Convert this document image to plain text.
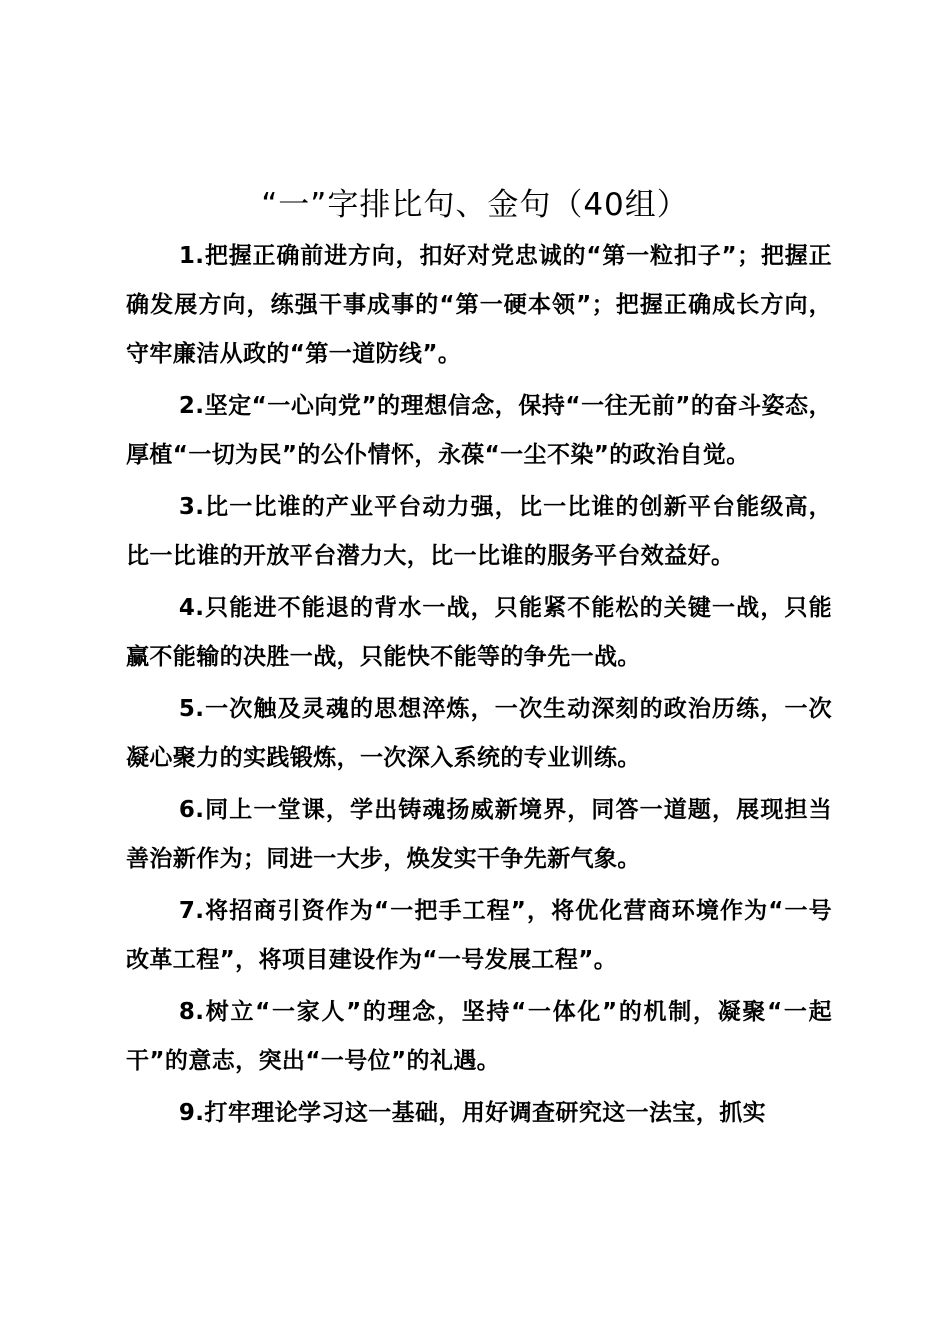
“一”字排比句、金句（40组）

1.把握正确前进方向，扣好对党忠诚的“第一粒扣子”；把握正确发展方向，练强干事成事的“第一硬本领”；把握正确成长方向，守牢廉洁从政的“第一道防线”。

2.坚定“一心向党”的理想信念，保持“一往无前”的奋斗姿态，厚植“一切为民”的公仆情怀，永葆“一尘不染”的政治自觉。

3.比一比谁的产业平台动力强，比一比谁的创新平台能级高，比一比谁的开放平台潜力大，比一比谁的服务平台效益好。

4.只能进不能退的背水一战，只能紧不能松的关键一战，只能赢不能输的决胜一战，只能快不能等的争先一战。

5.一次触及灵魂的思想淬炼，一次生动深刻的政治历练，一次凝心聚力的实践锻炼，一次深入系统的专业训练。

6.同上一堂课，学出铸魂扬威新境界，同答一道题，展现担当善治新作为；同进一大步，焕发实干争先新气象。

7.将招商引资作为“一把手工程”，将优化营商环境作为“一号改革工程”，将项目建设作为“一号发展工程”。

8.树立“一家人”的理念，坚持“一体化”的机制，凝聚“一起干”的意志，突出“一号位”的礼遇。

9.打牢理论学习这一基础，用好调查研究这一法宝，抓实
